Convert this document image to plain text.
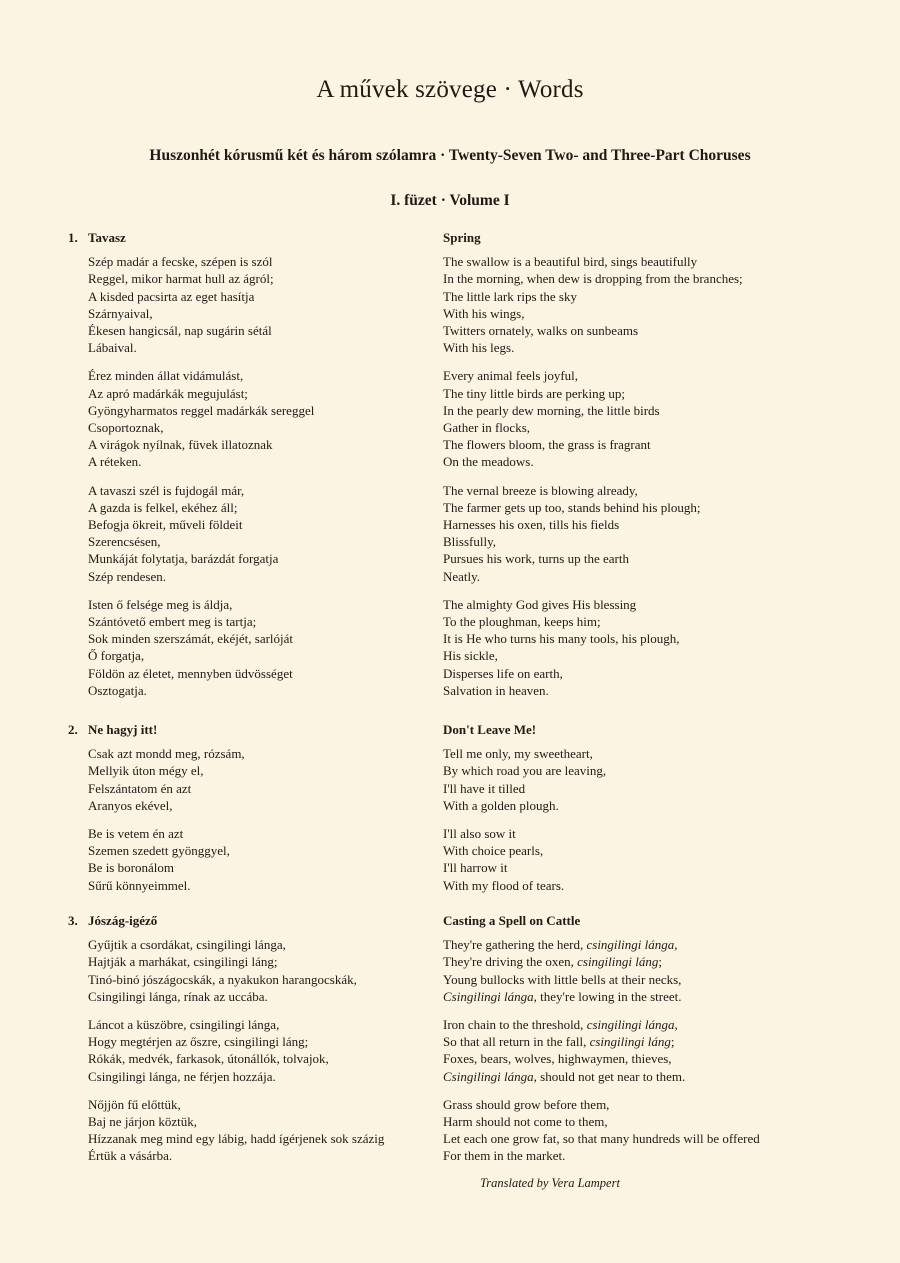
A művek szövege · Words
Huszonhét kórusmű két és három szólamra · Twenty-Seven Two- and Three-Part Choruses
I. füzet · Volume I
1. Tavasz
Szép madár a fecske, szépen is szól
Reggel, mikor harmat hull az ágról;
A kisded pacsirta az eget hasítja
Szárnyaival,
Ékesen hangicsál, nap sugárin sétál
Lábaival.
Érez minden állat vidámulást,
Az apró madárkák megujulást;
Gyöngyharmatos reggel madárkák sereggel
Csoportoznak,
A virágok nyílnak, füvek illatoznak
A réteken.
A tavaszi szél is fujdogál már,
A gazda is felkel, ekéhez áll;
Befogja ökreit, műveli földeit
Szerencsésen,
Munkáját folytatja, barázdát forgatja
Szép rendesen.
Isten ő felsége meg is áldja,
Szántóvető embert meg is tartja;
Sok minden szerszámát, ekéjét, sarlóját
Ő forgatja,
Földön az életet, mennyben üdvösséget
Osztogatja.
2. Ne hagyj itt!
Csak azt mondd meg, rózsám,
Mellyik úton mégy el,
Felszántatom én azt
Aranyos ekével,
Be is vetem én azt
Szemen szedett gyönggyel,
Be is boronálom
Sűrű könnyeimmel.
3. Jószág-igéző
Gyűjtik a csordákat, csingilingi lánga,
Hajtják a marhákat, csingilingi láng;
Tinó-binó jószágocskák, a nyakukon harangocskák,
Csingilingi lánga, rínak az uccába.
Láncot a küszöbre, csingilingi lánga,
Hogy megtérjen az őszre, csingilingi láng;
Rókák, medvék, farkasok, útonállók, tolvajok,
Csingilingi lánga, ne férjen hozzája.
Nőjjön fű előttük,
Baj ne járjon köztük,
Hízzanak meg mind egy lábig, hadd ígérjenek sok százig
Értük a vásárba.
Spring
The swallow is a beautiful bird, sings beautifully
In the morning, when dew is dropping from the branches;
The little lark rips the sky
With his wings,
Twitters ornately, walks on sunbeams
With his legs.
Every animal feels joyful,
The tiny little birds are perking up;
In the pearly dew morning, the little birds
Gather in flocks,
The flowers bloom, the grass is fragrant
On the meadows.
The vernal breeze is blowing already,
The farmer gets up too, stands behind his plough;
Harnesses his oxen, tills his fields
Blissfully,
Pursues his work, turns up the earth
Neatly.
The almighty God gives His blessing
To the ploughman, keeps him;
It is He who turns his many tools, his plough,
His sickle,
Disperses life on earth,
Salvation in heaven.
Don't Leave Me!
Tell me only, my sweetheart,
By which road you are leaving,
I'll have it tilled
With a golden plough.
I'll also sow it
With choice pearls,
I'll harrow it
With my flood of tears.
Casting a Spell on Cattle
They're gathering the herd, csingilingi lánga,
They're driving the oxen, csingilingi láng;
Young bullocks with little bells at their necks,
Csingilingi lánga, they're lowing in the street.
Iron chain to the threshold, csingilingi lánga,
So that all return in the fall, csingilingi láng;
Foxes, bears, wolves, highwaymen, thieves,
Csingilingi lánga, should not get near to them.
Grass should grow before them,
Harm should not come to them,
Let each one grow fat, so that many hundreds will be offered
For them in the market.
Translated by Vera Lampert
